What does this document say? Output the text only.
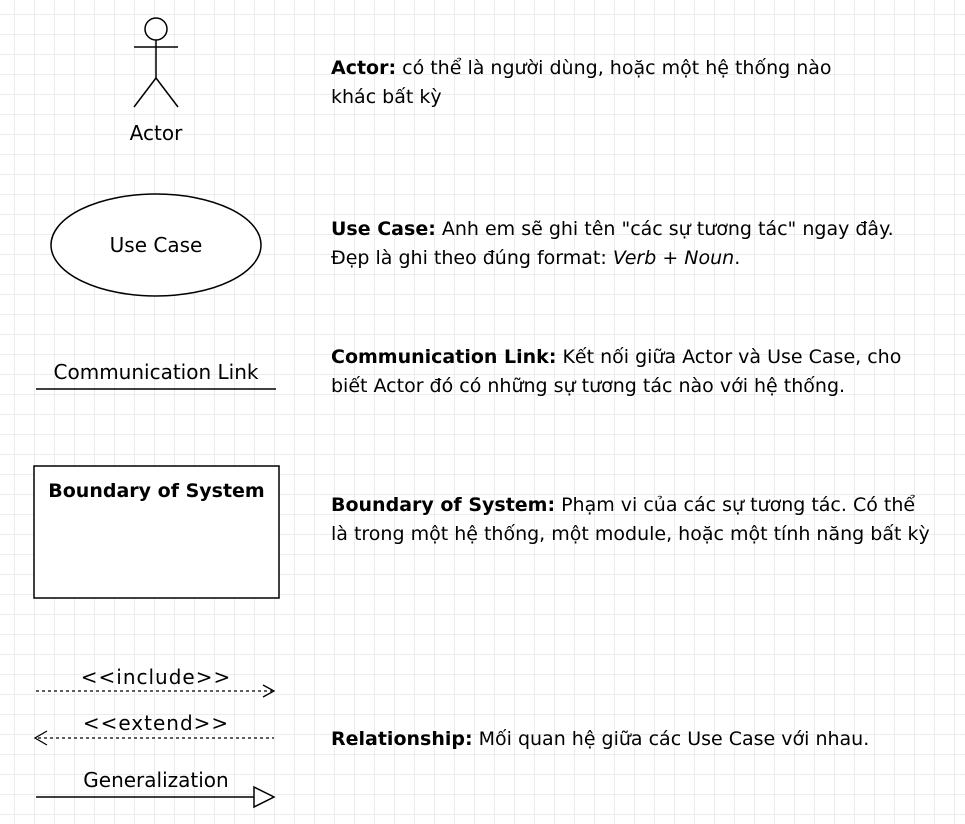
Actor
Use Case
Communication Link
Boundary of System
<<include>>
<<extend>>
Generalization
Actor: có thể là người dùng, hoặc một hệ thống nào khác bất kỳ
Use Case: Anh em sẽ ghi tên "các sự tương tác" ngay đây. Đẹp là ghi theo đúng format: Verb + Noun.
Communication Link: Kết nối giữa Actor và Use Case, cho biết Actor đó có những sự tương tác nào với hệ thống.
Boundary of System: Phạm vi của các sự tương tác. Có thể là trong một hệ thống, một module, hoặc một tính năng bất kỳ
Relationship: Mối quan hệ giữa các Use Case với nhau.
